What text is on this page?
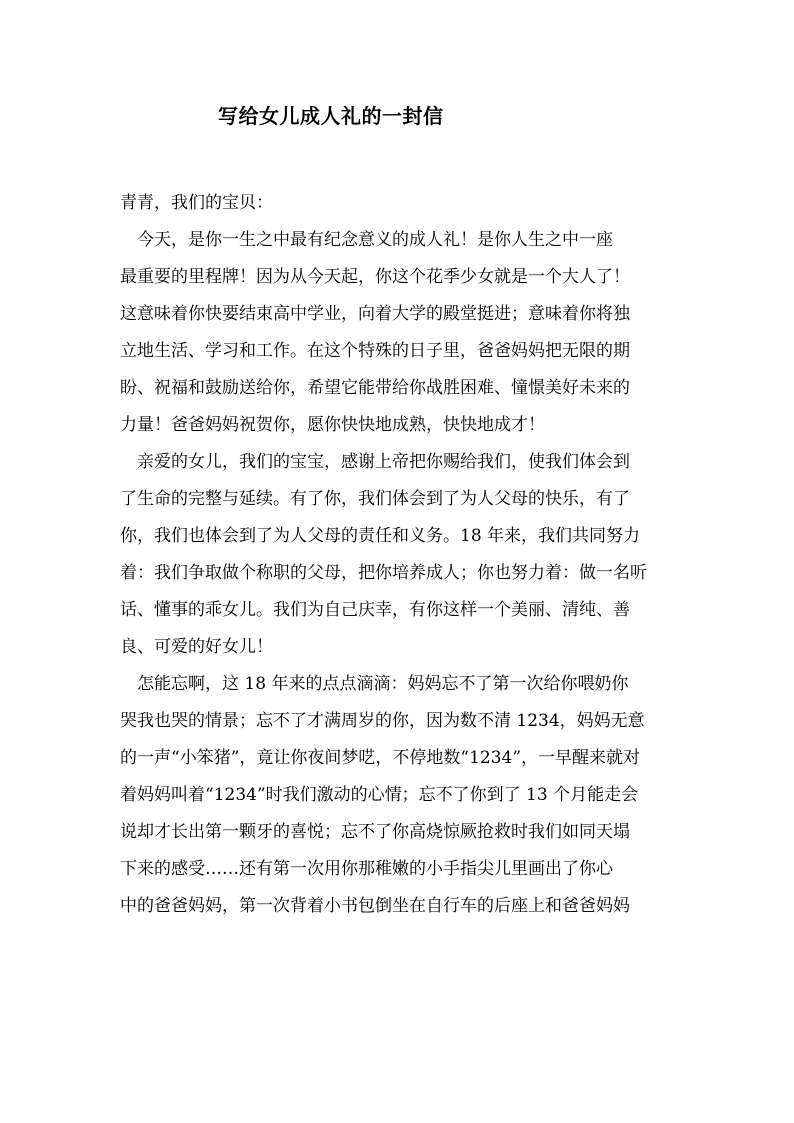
写给女儿成人礼的一封信
青青，我们的宝贝：
　今天，是你一生之中最有纪念意义的成人礼！是你人生之中一座
最重要的里程牌！因为从今天起，你这个花季少女就是一个大人了！
这意味着你快要结束高中学业，向着大学的殿堂挺进；意味着你将独
立地生活、学习和工作。在这个特殊的日子里，爸爸妈妈把无限的期
盼、祝福和鼓励送给你，希望它能带给你战胜困难、憧憬美好未来的
力量！爸爸妈妈祝贺你，愿你快快地成熟，快快地成才！
　亲爱的女儿，我们的宝宝，感谢上帝把你赐给我们，使我们体会到
了生命的完整与延续。有了你，我们体会到了为人父母的快乐，有了
你，我们也体会到了为人父母的责任和义务。18 年来，我们共同努力
着：我们争取做个称职的父母，把你培养成人；你也努力着：做一名听
话、懂事的乖女儿。我们为自己庆幸，有你这样一个美丽、清纯、善
良、可爱的好女儿！
　怎能忘啊，这 18 年来的点点滴滴：妈妈忘不了第一次给你喂奶你
哭我也哭的情景；忘不了才满周岁的你，因为数不清 1234，妈妈无意
的一声“小笨猪”，竟让你夜间梦呓，不停地数“1234”，一早醒来就对
着妈妈叫着“1234”时我们激动的心情；忘不了你到了 13 个月能走会
说却才长出第一颗牙的喜悦；忘不了你高烧惊厥抢救时我们如同天塌
下来的感受……还有第一次用你那稚嫩的小手指尖儿里画出了你心
中的爸爸妈妈，第一次背着小书包倒坐在自行车的后座上和爸爸妈妈
